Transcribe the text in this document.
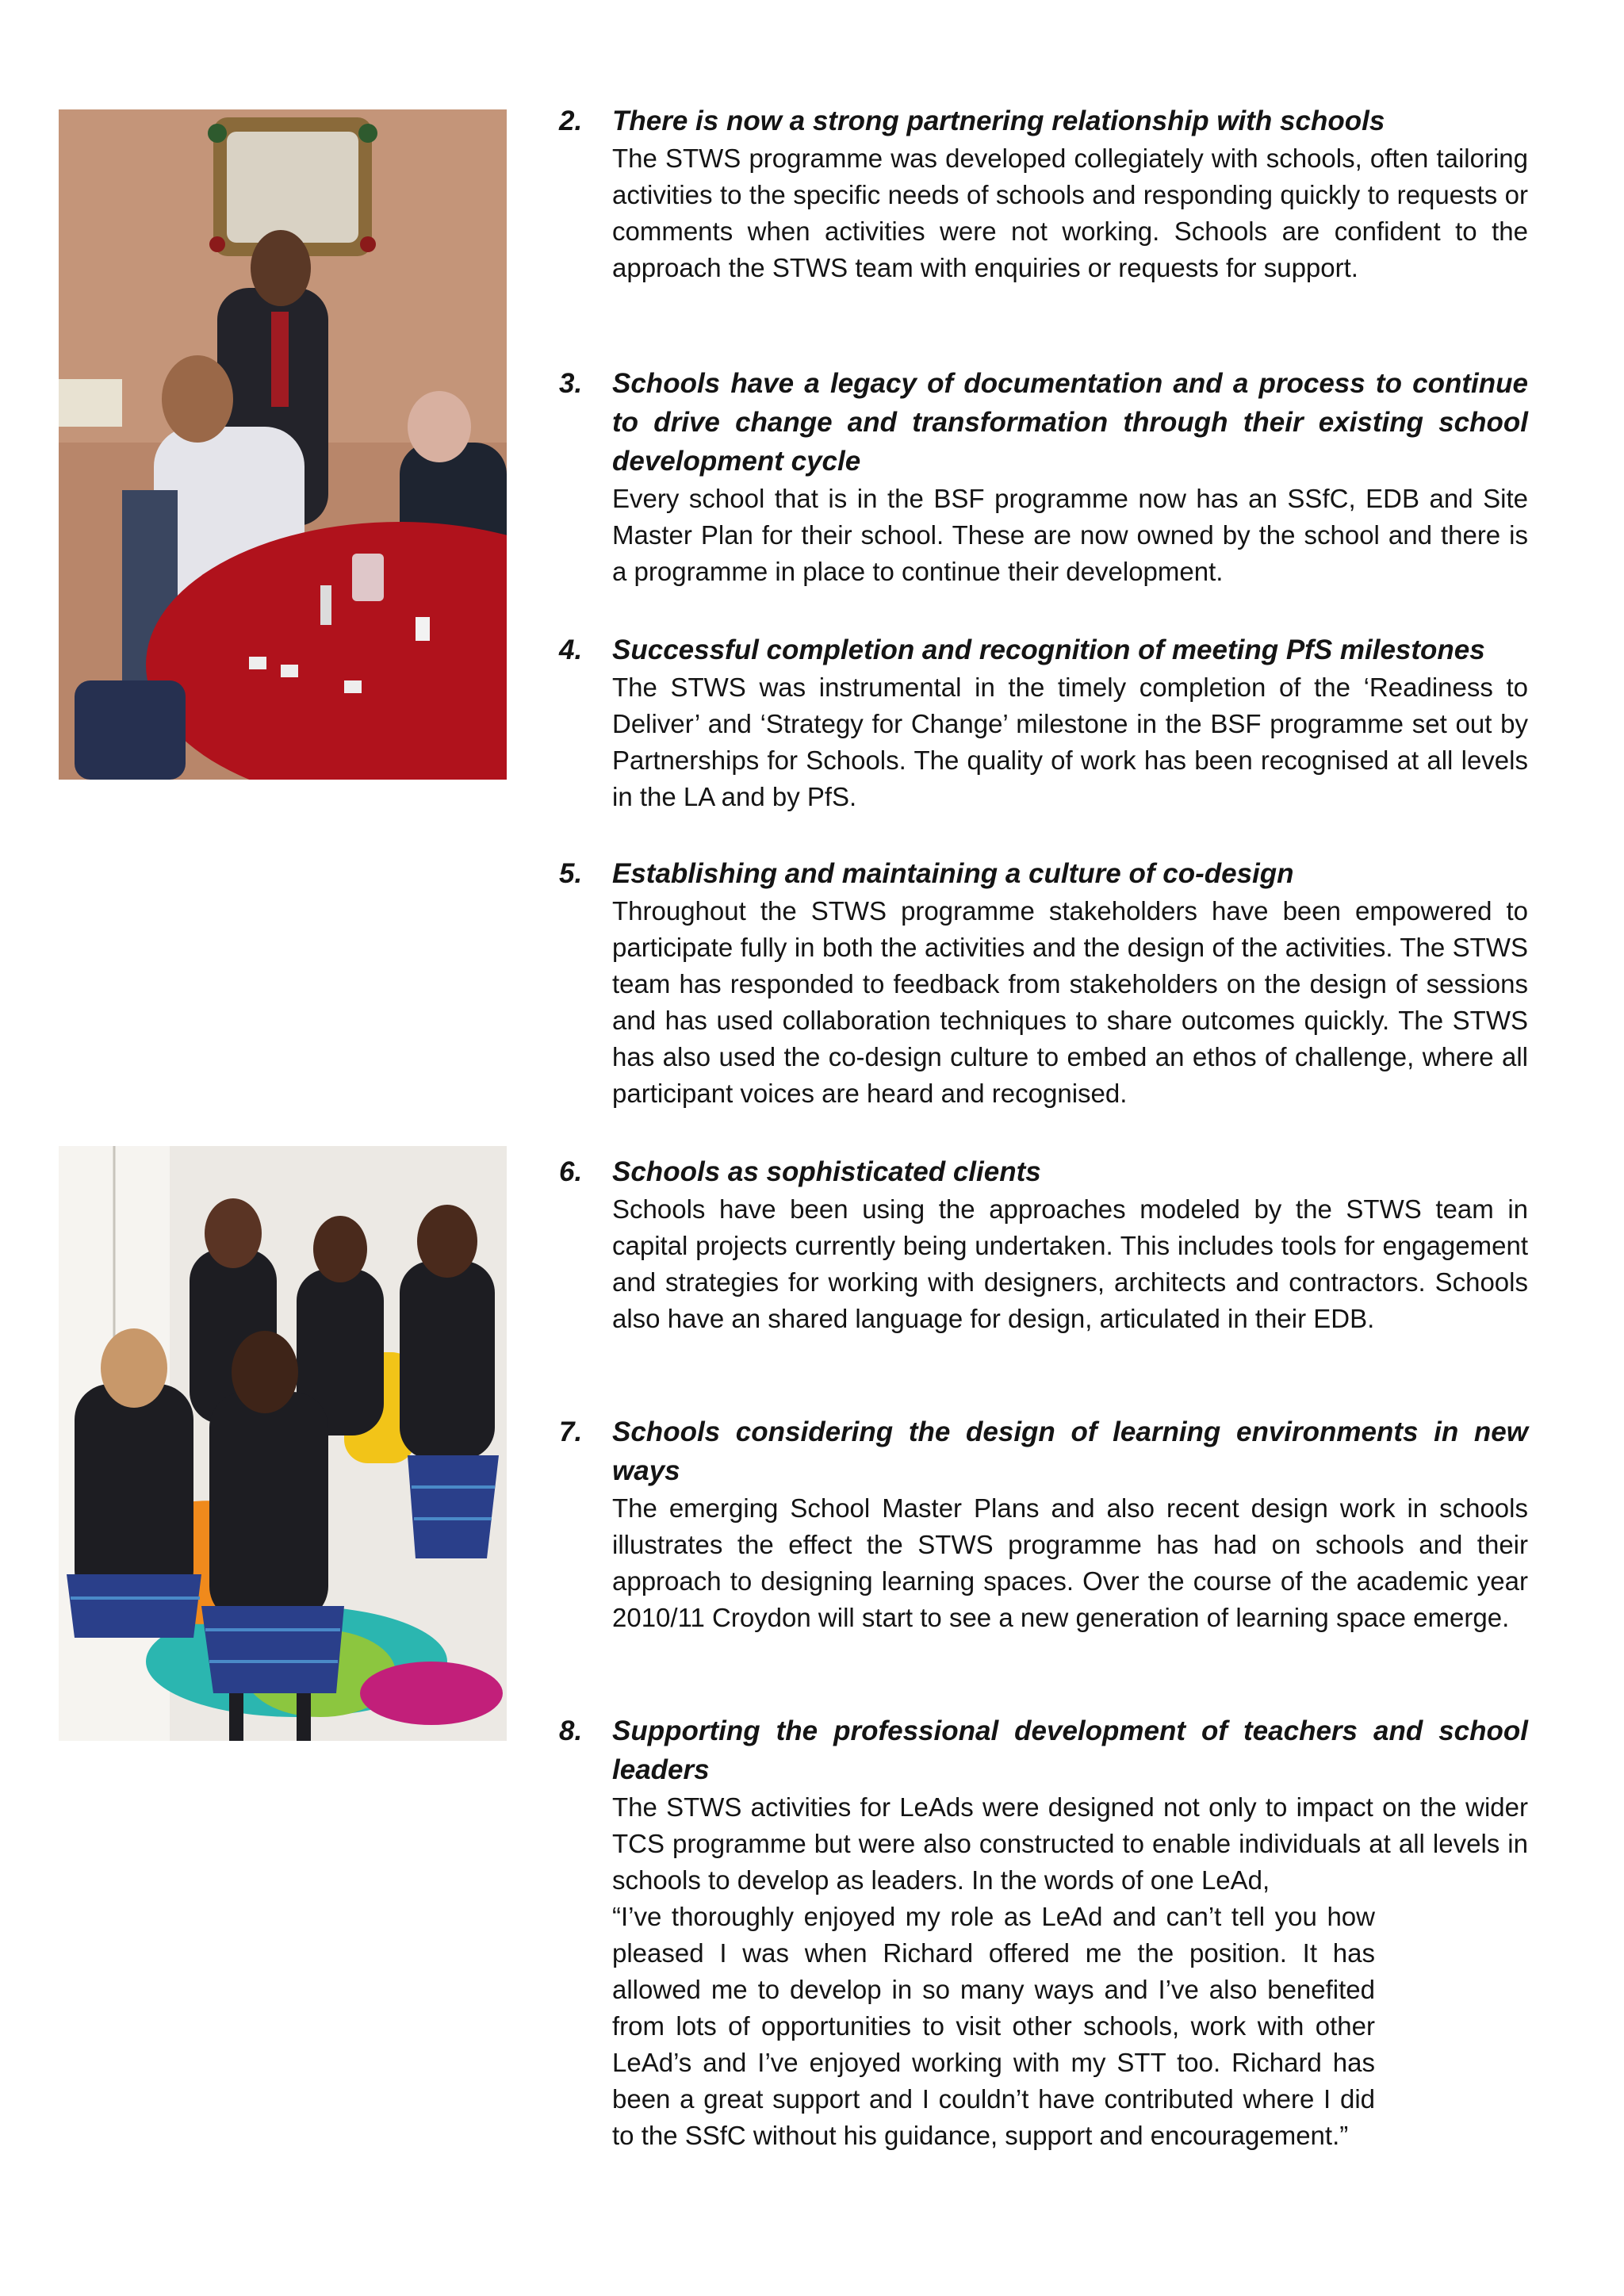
2. There is now a strong partnering relationship with schools

The STWS programme was developed collegiately with schools, often tailoring activities to the specific needs of schools and responding quickly to requests or comments when activities were not working. Schools are confident to the approach the STWS team with enquiries or requests for support.

3. Schools have a legacy of documentation and a process to continue to drive change and transformation through their existing school development cycle

Every school that is in the BSF programme now has an SSfC, EDB and Site Master Plan for their school. These are now owned by the school and there is a programme in place to continue their development.

4. Successful completion and recognition of meeting PfS milestones

The STWS was instrumental in the timely completion of the ‘Readiness to Deliver’ and ‘Strategy for Change’ milestone in the BSF programme set out by Partnerships for Schools. The quality of work has been recognised at all levels in the LA and by PfS.

5. Establishing and maintaining a culture of co-design

Throughout the STWS programme stakeholders have been empowered to participate fully in both the activities and the design of the activities. The STWS team has responded to feedback from stakeholders on the design of sessions and has used collaboration techniques to share outcomes quickly. The STWS has also used the co-design culture to embed an ethos of challenge, where all participant voices are heard and recognised.

6. Schools as sophisticated clients

Schools have been using the approaches modeled by the STWS team in capital projects currently being undertaken. This includes tools for engagement and strategies for working with designers, architects and contractors. Schools also have an shared language for design, articulated in their EDB.

7. Schools considering the design of learning environments in new ways

The emerging School Master Plans and also recent design work in schools illustrates the effect the STWS programme has had on schools and their approach to designing learning spaces. Over the course of the academic year 2010/11 Croydon will start to see a new generation of learning space emerge.

8. Supporting the professional development of teachers and school leaders

The STWS activities for LeAds were designed not only to impact on the wider TCS programme but were also constructed to enable individuals at all levels in schools to develop as leaders. In the words of one LeAd,

“I’ve thoroughly enjoyed my role as LeAd and can’t tell you how pleased I was when Richard offered me the position. It has allowed me to develop in so many ways and I’ve also benefited from lots of opportunities to visit other schools, work with other LeAd’s and I’ve enjoyed working with my STT too. Richard has been a great support and I couldn’t have contributed where I did to the SSfC without his guidance, support and encouragement.”
